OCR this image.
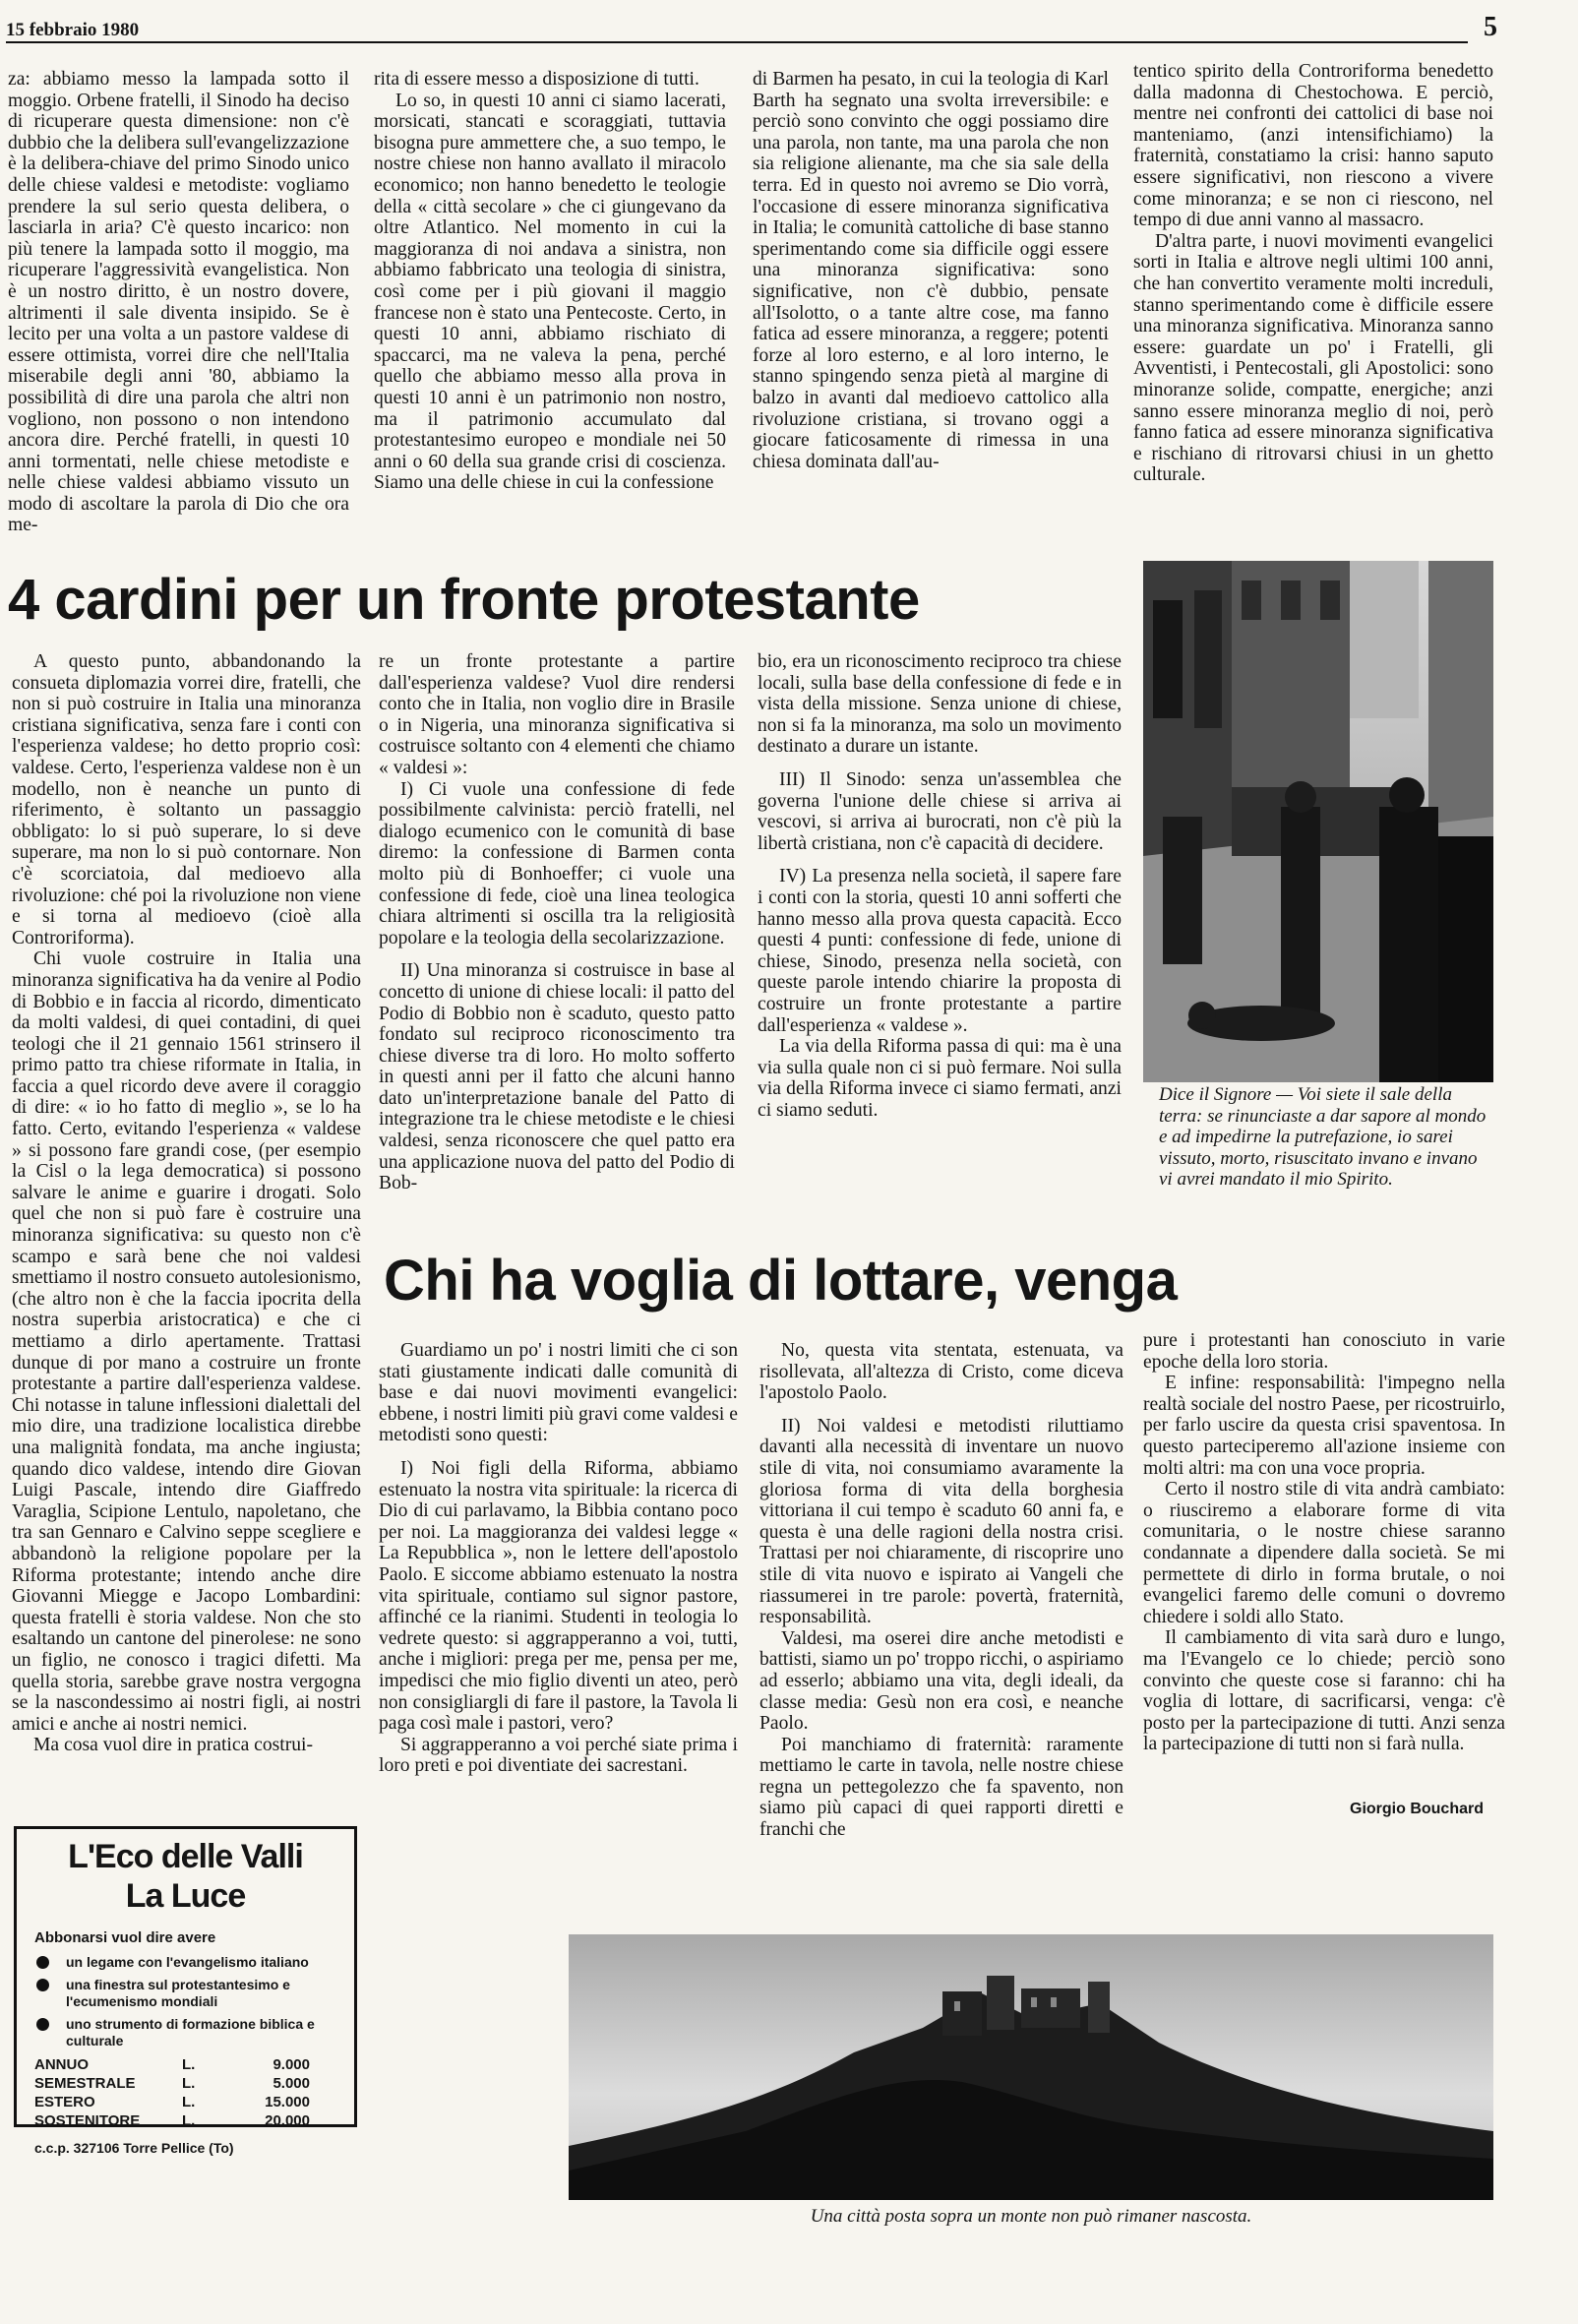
15 febbraio 1980	5

za: abbiamo messo la lampada sotto il moggio. Orbene fratelli, il Sinodo ha deciso di ricuperare questa dimensione: non c'è dubbio che la delibera sull'evangelizzazione è la delibera-chiave del primo Sinodo unico delle chiese valdesi e metodiste: vogliamo prendere la sul serio questa delibera, o lasciarla in aria? C'è questo incarico: non più tenere la lampada sotto il moggio, ma ricuperare l'aggressività evangelistica. Non è un nostro diritto, è un nostro dovere, altrimenti il sale diventa insipido. Se è lecito per una volta a un pastore valdese di essere ottimista, vorrei dire che nell'Italia miserabile degli anni '80, abbiamo la possibilità di dire una parola che altri non vogliono, non possono o non intendono ancora dire. Perché fratelli, in questi 10 anni tormentati, nelle chiese metodiste e nelle chiese valdesi abbiamo vissuto un modo di ascoltare la parola di Dio che ora me-

rita di essere messo a disposizione di tutti.

Lo so, in questi 10 anni ci siamo lacerati, morsicati, stancati e scoraggiati, tuttavia bisogna pure ammettere che, a suo tempo, le nostre chiese non hanno avallato il miracolo economico; non hanno benedetto le teologie della « città secolare » che ci giungevano da oltre Atlantico. Nel momento in cui la maggioranza di noi andava a sinistra, non abbiamo fabbricato una teologia di sinistra, così come per i più giovani il maggio francese non è stato una Pentecoste. Certo, in questi 10 anni, abbiamo rischiato di spaccarci, ma ne valeva la pena, perché quello che abbiamo messo alla prova in questi 10 anni è un patrimonio non nostro, ma il patrimonio accumulato dal protestantesimo europeo e mondiale nei 50 anni o 60 della sua grande crisi di coscienza. Siamo una delle chiese in cui la confessione

di Barmen ha pesato, in cui la teologia di Karl Barth ha segnato una svolta irreversibile: e perciò sono convinto che oggi possiamo dire una parola, non tante, ma una parola che non sia religione alienante, ma che sia sale della terra. Ed in questo noi avremo se Dio vorrà, l'occasione di essere minoranza significativa in Italia; le comunità cattoliche di base stanno sperimentando come sia difficile oggi essere una minoranza significativa: sono significative, non c'è dubbio, pensate all'Isolotto, o a tante altre cose, ma fanno fatica ad essere minoranza, a reggere; potenti forze al loro esterno, e al loro interno, le stanno spingendo senza pietà al margine di balzo in avanti dal medioevo cattolico alla rivoluzione cristiana, si trovano oggi a giocare faticosamente di rimessa in una chiesa dominata dall'au-

tentico spirito della Controriforma benedetto dalla madonna di Chestochowa. E perciò, mentre nei confronti dei cattolici di base noi manteniamo, (anzi intensifichiamo) la fraternità, constatiamo la crisi: hanno saputo essere significativi, non riescono a vivere come minoranza; e se non ci riescono, nel tempo di due anni vanno al massacro.

D'altra parte, i nuovi movimenti evangelici sorti in Italia e altrove negli ultimi 100 anni, che han convertito veramente molti increduli, stanno sperimentando come è difficile essere una minoranza significativa. Minoranza sanno essere: guardate un po' i Fratelli, gli Avventisti, i Pentecostali, gli Apostolici: sono minoranze solide, compatte, energiche; anzi sanno essere minoranza meglio di noi, però fanno fatica ad essere minoranza significativa e rischiano di ritrovarsi chiusi in un ghetto culturale.

4 cardini per un fronte protestante

A questo punto, abbandonando la consueta diplomazia vorrei dire, fratelli, che non si può costruire in Italia una minoranza cristiana significativa, senza fare i conti con l'esperienza valdese; ho detto proprio così: valdese. Certo, l'esperienza valdese non è un modello, non è neanche un punto di riferimento, è soltanto un passaggio obbligato: lo si può superare, lo si deve superare, ma non lo si può contornare. Non c'è scorciatoia, dal medioevo alla rivoluzione: ché poi la rivoluzione non viene e si torna al medioevo (cioè alla Controriforma).

Chi vuole costruire in Italia una minoranza significativa ha da venire al Podio di Bobbio e in faccia al ricordo, dimenticato da molti valdesi, di quei contadini, di quei teologi che il 21 gennaio 1561 strinsero il primo patto tra chiese riformate in Italia, in faccia a quel ricordo deve avere il coraggio di dire: « io ho fatto di meglio », se lo ha fatto. Certo, evitando l'esperienza « valdese » si possono fare grandi cose, (per esempio la Cisl o la lega democratica) si possono salvare le anime e guarire i drogati. Solo quel che non si può fare è costruire una minoranza significativa: su questo non c'è scampo e sarà bene che noi valdesi smettiamo il nostro consueto autolesionismo, (che altro non è che la faccia ipocrita della nostra superbia aristocratica) e che ci mettiamo a dirlo apertamente. Trattasi dunque di por mano a costruire un fronte protestante a partire dall'esperienza valdese. Chi notasse in talune inflessioni dialettali del mio dire, una tradizione localistica direbbe una malignità fondata, ma anche ingiusta; quando dico valdese, intendo dire Giovan Luigi Pascale, intendo dire Giaffredo Varaglia, Scipione Lentulo, napoletano, che tra san Gennaro e Calvino seppe scegliere e abbandonò la religione popolare per la Riforma protestante; intendo anche dire Giovanni Miegge e Jacopo Lombardini: questa fratelli è storia valdese. Non che sto esaltando un cantone del pinerolese: ne sono un figlio, ne conosco i tragici difetti. Ma quella storia, sarebbe grave nostra vergogna se la nascondessimo ai nostri figli, ai nostri amici e anche ai nostri nemici.

Ma cosa vuol dire in pratica costrui-

re un fronte protestante a partire dall'esperienza valdese? Vuol dire rendersi conto che in Italia, non voglio dire in Brasile o in Nigeria, una minoranza significativa si costruisce soltanto con 4 elementi che chiamo « valdesi »:

I) Ci vuole una confessione di fede possibilmente calvinista: perciò fratelli, nel dialogo ecumenico con le comunità di base diremo: la confessione di Barmen conta molto più di Bonhoeffer; ci vuole una confessione di fede, cioè una linea teologica chiara altrimenti si oscilla tra la religiosità popolare e la teologia della secolarizzazione.

II) Una minoranza si costruisce in base al concetto di unione di chiese locali: il patto del Podio di Bobbio non è scaduto, questo patto fondato sul reciproco riconoscimento tra chiese diverse tra di loro. Ho molto sofferto in questi anni per il fatto che alcuni hanno dato un'interpretazione banale del Patto di integrazione tra le chiese metodiste e le chiesi valdesi, senza riconoscere che quel patto era una applicazione nuova del patto del Podio di Bob-

bio, era un riconoscimento reciproco tra chiese locali, sulla base della confessione di fede e in vista della missione. Senza unione di chiese, non si fa la minoranza, ma solo un movimento destinato a durare un istante.

III) Il Sinodo: senza un'assemblea che governa l'unione delle chiese si arriva ai vescovi, si arriva ai burocrati, non c'è più la libertà cristiana, non c'è capacità di decidere.

IV) La presenza nella società, il sapere fare i conti con la storia, questi 10 anni sofferti che hanno messo alla prova questa capacità. Ecco questi 4 punti: confessione di fede, unione di chiese, Sinodo, presenza nella società, con queste parole intendo chiarire la proposta di costruire un fronte protestante a partire dall'esperienza « valdese ».

La via della Riforma passa di qui: ma è una via sulla quale non ci si può fermare. Noi sulla via della Riforma invece ci siamo fermati, anzi ci siamo seduti.

Dice il Signore — Voi siete il sale della terra: se rinunciaste a dar sapore al mondo e ad impedirne la putrefazione, io sarei vissuto, morto, risuscitato invano e invano vi avrei mandato il mio Spirito.
Chi ha voglia di lottare, venga

Guardiamo un po' i nostri limiti che ci son stati giustamente indicati dalle comunità di base e dai nuovi movimenti evangelici: ebbene, i nostri limiti più gravi come valdesi e metodisti sono questi:

I) Noi figli della Riforma, abbiamo estenuato la nostra vita spirituale: la ricerca di Dio di cui parlavamo, la Bibbia contano poco per noi. La maggioranza dei valdesi legge « La Repubblica », non le lettere dell'apostolo Paolo. E siccome abbiamo estenuato la nostra vita spirituale, contiamo sul signor pastore, affinché ce la rianimi. Studenti in teologia lo vedrete questo: si aggrapperanno a voi, tutti, anche i migliori: prega per me, pensa per me, impedisci che mio figlio diventi un ateo, però non consigliargli di fare il pastore, la Tavola li paga così male i pastori, vero?

Si aggrapperanno a voi perché siate prima i loro preti e poi diventiate dei sacrestani.

No, questa vita stentata, estenuata, va risollevata, all'altezza di Cristo, come diceva l'apostolo Paolo.

II) Noi valdesi e metodisti riluttiamo davanti alla necessità di inventare un nuovo stile di vita, noi consumiamo avaramente la gloriosa forma di vita della borghesia vittoriana il cui tempo è scaduto 60 anni fa, e questa è una delle ragioni della nostra crisi. Trattasi per noi chiaramente, di riscoprire uno stile di vita nuovo e ispirato ai Vangeli che riassumerei in tre parole: povertà, fraternità, responsabilità.

Valdesi, ma oserei dire anche metodisti e battisti, siamo un po' troppo ricchi, o aspiriamo ad esserlo; abbiamo una vita, degli ideali, da classe media: Gesù non era così, e neanche Paolo.

Poi manchiamo di fraternità: raramente mettiamo le carte in tavola, nelle nostre chiese regna un pettegolezzo che fa spavento, non siamo più capaci di quei rapporti diretti e franchi che

pure i protestanti han conosciuto in varie epoche della loro storia.

E infine: responsabilità: l'impegno nella realtà sociale del nostro Paese, per ricostruirlo, per farlo uscire da questa crisi spaventosa. In questo parteciperemo all'azione insieme con molti altri: ma con una voce propria.

Certo il nostro stile di vita andrà cambiato: o riusciremo a elaborare forme di vita comunitaria, o le nostre chiese saranno condannate a dipendere dalla società. Se mi permettete di dirlo in forma brutale, o noi evangelici faremo delle comuni o dovremo chiedere i soldi allo Stato.

Il cambiamento di vita sarà duro e lungo, ma l'Evangelo ce lo chiede; perciò sono convinto che queste cose si faranno: chi ha voglia di lottare, di sacrificarsi, venga: c'è posto per la partecipazione di tutti. Anzi senza la partecipazione di tutti non si farà nulla.

Giorgio Bouchard
L'Eco delle Valli
La Luce
Abbonarsi vuol dire avere
un legame con l'evangelismo italiano
una finestra sul protestantesimo e l'ecumenismo mondiali
uno strumento di formazione biblica e culturale
ANNUO	L.	9.000
SEMESTRALE	L.	5.000
ESTERO	L.	15.000
SOSTENITORE	L.	20.000
c.c.p. 327106 Torre Pellice (To)
Una città posta sopra un monte non può rimaner nascosta.
